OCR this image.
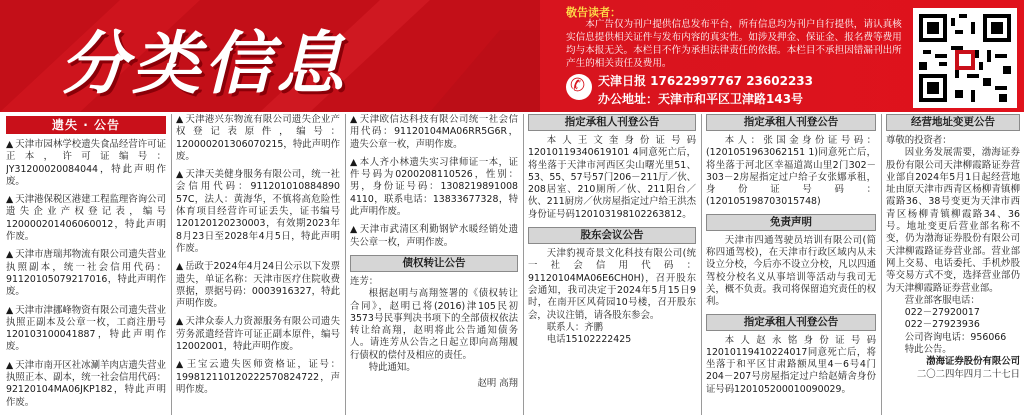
分类信息
敬告读者：
本广告仅为刊户提供信息发布平台，所有信息均为刊户自行提供，请认真核实信息提供相关证件与发布内容的真实性。如涉及押金、保证金、报名费等费用均与本报无关。本栏目不作为承担法律责任的依据。本栏目不承担因错漏刊出所产生的相关责任及费用。
✆
天津日报 17622997767 23602233
办公地址：天津市和平区卫津路143号
遗失 · 公告
▲ 天津市园林学校遗失食品经营许可证正本，许可证编号：JY31200020084044，特此声明作废。
▲ 天津港保税区港建工程监理咨询公司遗失企业产权登记表，编号120000201406060012，特此声明作废。
▲ 天津市唐瑞邦物流有限公司遗失营业执照副本，统一社会信用代码：91120105079217016，特此声明作废。
▲ 天津市津挪峰物资有限公司遗失营业执照正副本及公章一枚，工商注册号120103100041887，特此声明作废。
▲ 天津市南开区社冰涮羊肉店遗失营业执照正本、副本，统一社会信用代码：92120104MA06JKP182，特此声明作废。
▲ 天津港兴东物流有限公司遗失企业产权登记表原件，编号：120000201306070215，特此声明作废。
▲ 天津天美健身服务有限公司，统一社会信用代码：911201010884890 57C，法人：黄海华，不慎将高危险性体育项目经营许可证丢失，证书编号120120120230003，有效期2023年8月23日至2028年4月5日，特此声明作废。
▲ 岳政于2024年4月24日公示以下发票遗失，单证名称：天津市医疗住院收费票据，票据号码：0003916327，特此声明作废。
▲ 天津众泰人力资源服务有限公司遗失劳务派遣经营许可证正副本原件，编号12002001，特此声明作废。
▲ 王宝云遗失医师资格证，证号：199812110120222570824722，声明作废。
▲ 天津欧信达科技有限公司统一社会信用代码：91120104MA06RR5G6R，遗失公章一枚，声明作废。
▲ 本人齐小林遗失实习律师证一本，证件号码为0200208110526，性别：男，身份证号码：1308219891008 4110，联系电话：13833677328，特此声明作废。
▲ 天津市武清区利勤钢铲水暖经销处遗失公章一枚，声明作废。
债权转让公告
连芳：
根据赵明与高翔签署的《债权转让合同》，赵明已将(2016)津105民初3573号民事判决书项下的全部债权依法转让给高翔，赵明将此公告通知债务人。请连芳从公告之日起立即向高翔履行债权的偿付及相应的责任。
特此通知。
赵明 高翔
指定承租人刊登公告
本人王文奎身份证号码12010119340619101 4同意死亡后，将坐落于天津市河西区尖山曙光里51、53、55、57号57门206－211厅／伙、208居室、210厕所／伙、211阳台／伙、211厨房／伙房屋指定过户给王洪杰身份证号码120103198102263812。
股东会议公告
天津豹视奇景文化科技有限公司(统一社会信用代码：91120104MA06E6CH0H)，召开股东会通知，我司决定于2024年5月15日9时，在南开区风荷园10号楼，召开股东会，决议注销，请各股东参会。
联系人：齐鹏
电话15102222425
指定承租人刊登公告
本人：张国金身份证号码：(1201051963062151 1)同意死亡后，将坐落于河北区幸福道嵩山里2门302－303－2房屋指定过户给子女张娜承租，身份证号码：(120105198703015748)
免责声明
天津市四通驾驶员培训有限公司(简称四通驾校)，在天津市行政区域内从未设立分校，今后亦不设立分校，凡以四通驾校分校名义从事培训等活动与我司无关，概不负责。我司将保留追究责任的权利。
指定承租人刊登公告
本人赵永铭身份证号码12010119410224017同意死亡后，将坐落于和平区甘肃路额凤里4－6号4门204－207号房屋指定过户给赵婧舍身份证号码120105200010090029。
经营地址变更公告
尊敬的投资者：
因业务发展需要，渤海证券股份有限公司天津柳霞路证券营业部自2024年5月1日起经营地址由原天津市西青区杨柳青镇柳霞路36、38号变更为天津市西青区杨柳青镇柳霞路34、36号。地址变更后营业部名称不变，仍为渤海证券股份有限公司天津柳霞路证券营业部。营业部网上交易、电话委托、手机炒股等交易方式不变，选择营业部仍为天津柳霞路证券营业部。
营业部客服电话：
022－27920017
022－27923936
公司咨询电话：956066
特此公告。
渤海证券股份有限公司
二〇二四年四月二十七日
